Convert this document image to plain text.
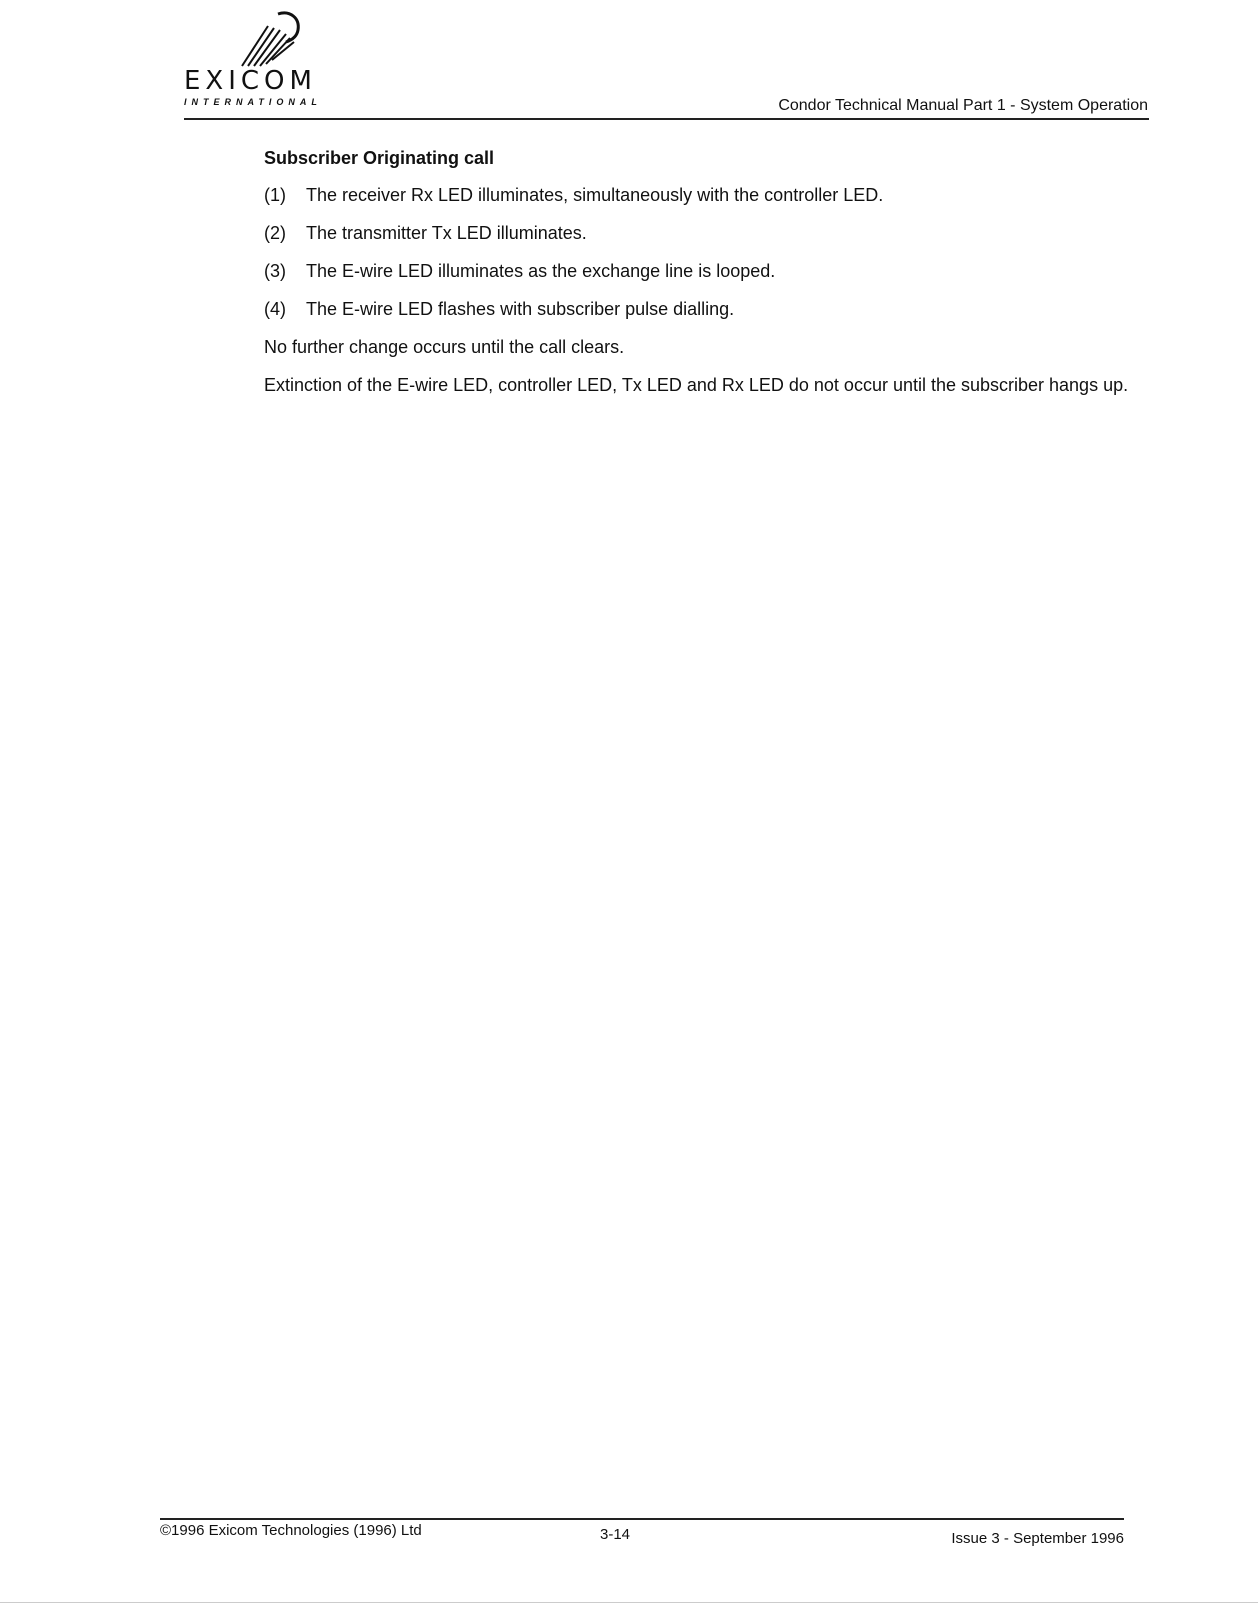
EXICOM
INTERNATIONAL	Condor Technical Manual Part 1 - System Operation
Subscriber Originating call
(1)	The receiver Rx LED illuminates, simultaneously with the controller LED.
(2)	The transmitter Tx LED illuminates.
(3)	The E-wire LED illuminates as the exchange line is looped.
(4)	The E-wire LED flashes with subscriber pulse dialling.

No further change occurs until the call clears.

Extinction of the E-wire LED, controller LED, Tx LED and Rx LED do not occur until the subscriber hangs up.

©1996 Exicom Technologies (1996) Ltd	3-14	Issue 3 - September 1996
